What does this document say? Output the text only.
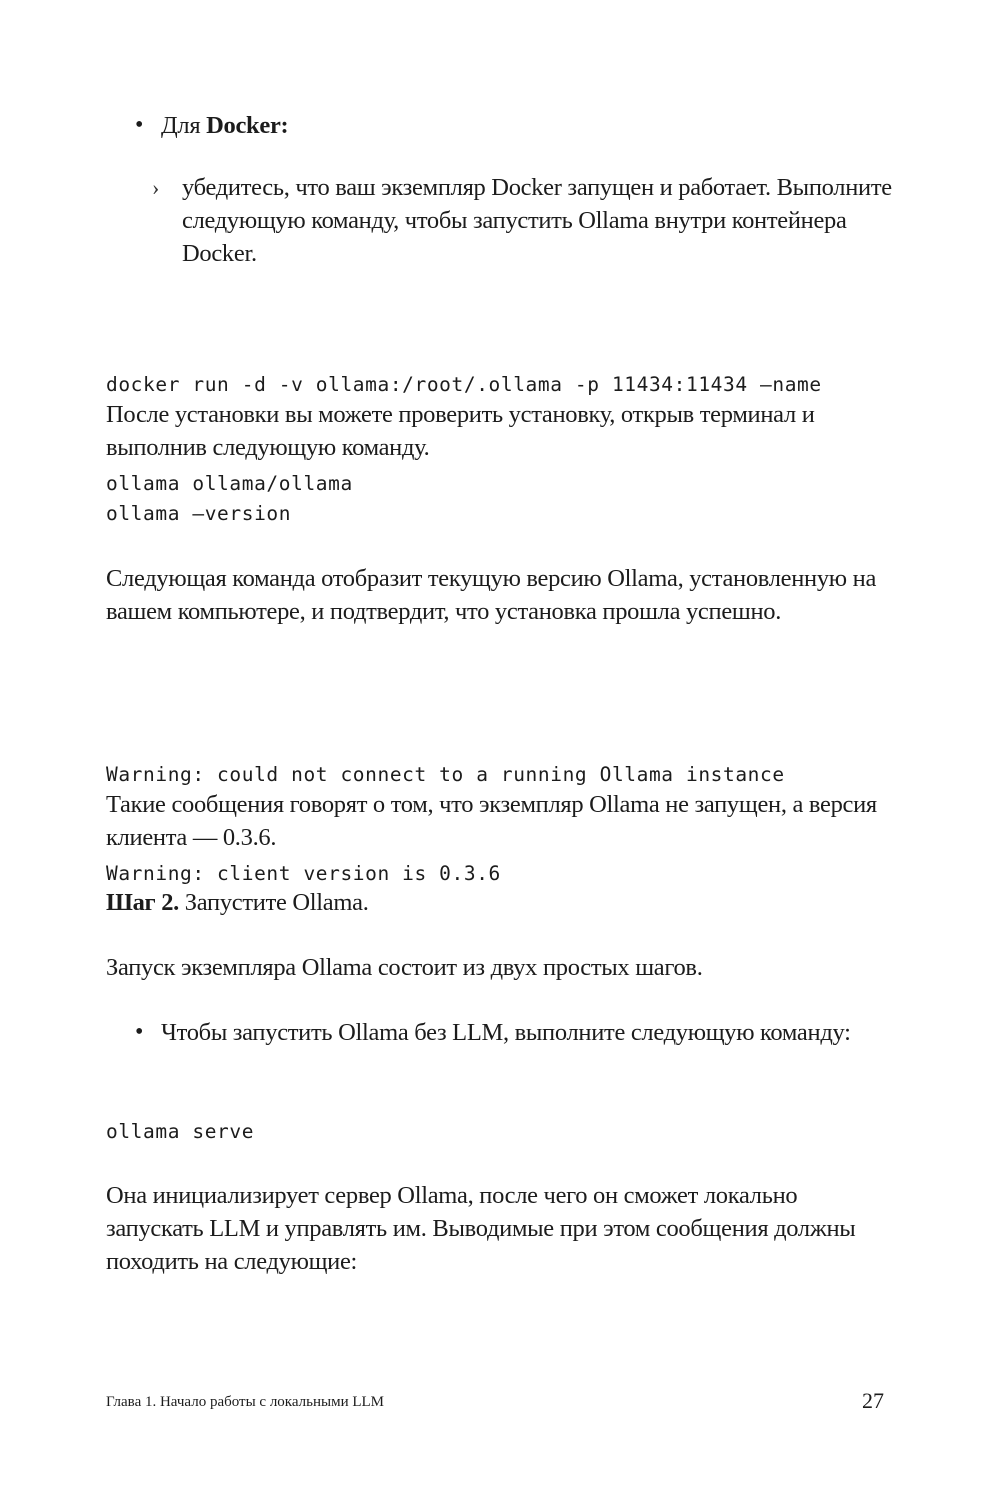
• Для Docker:
› убедитесь, что ваш экземпляр Docker запущен и работает. Выполните следующую команду, чтобы запустить Ollama внутри контейнера Docker.

docker run -d -v ollama:/root/.ollama -p 11434:11434 —name

ollama ollama/ollama

После установки вы можете проверить установку, открыв терминал и выполнив следующую команду.

ollama —version

Следующая команда отобразит текущую версию Ollama, установленную на вашем компьютере, и подтвердит, что установка прошла успешно.

Warning: could not connect to a running Ollama instance

Warning: client version is 0.3.6

Такие сообщения говорят о том, что экземпляр Ollama не запущен, а версия клиента — 0.3.6.

Шаг 2. Запустите Ollama.

Запуск экземпляра Ollama состоит из двух простых шагов.

• Чтобы запустить Ollama без LLM, выполните следующую команду:
ollama serve

Она инициализирует сервер Ollama, после чего он сможет локально запускать LLM и управлять им. Выводимые при этом сообщения должны походить на следующие:

Глава 1. Начало работы с локальными LLM	27
